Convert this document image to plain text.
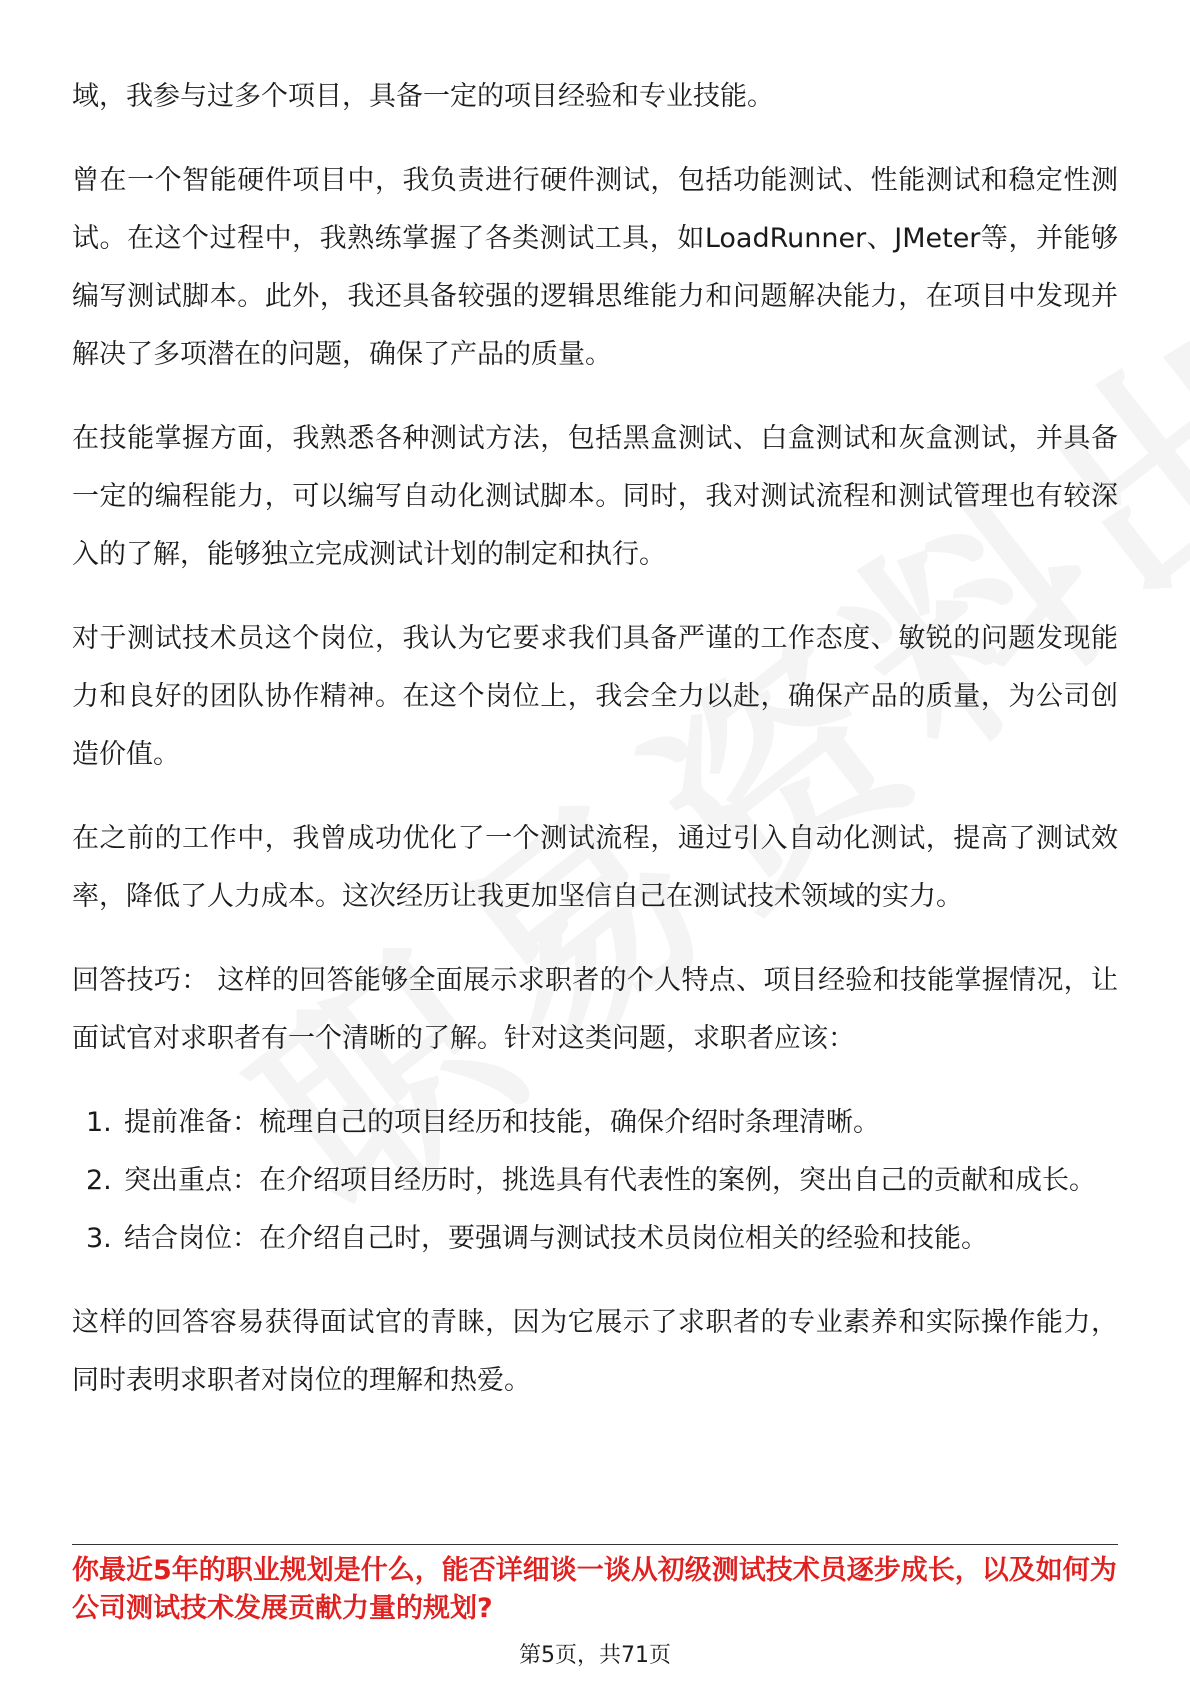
域，我参与过多个项目，具备一定的项目经验和专业技能。

曾在一个智能硬件项目中，我负责进行硬件测试，包括功能测试、性能测试和稳定性测试。在这个过程中，我熟练掌握了各类测试工具，如LoadRunner、JMeter等，并能够编写测试脚本。此外，我还具备较强的逻辑思维能力和问题解决能力，在项目中发现并解决了多项潜在的问题，确保了产品的质量。

在技能掌握方面，我熟悉各种测试方法，包括黑盒测试、白盒测试和灰盒测试，并具备一定的编程能力，可以编写自动化测试脚本。同时，我对测试流程和测试管理也有较深入的了解，能够独立完成测试计划的制定和执行。

对于测试技术员这个岗位，我认为它要求我们具备严谨的工作态度、敏锐的问题发现能力和良好的团队协作精神。在这个岗位上，我会全力以赴，确保产品的质量，为公司创造价值。

在之前的工作中，我曾成功优化了一个测试流程，通过引入自动化测试，提高了测试效率，降低了人力成本。这次经历让我更加坚信自己在测试技术领域的实力。

回答技巧： 这样的回答能够全面展示求职者的个人特点、项目经验和技能掌握情况，让面试官对求职者有一个清晰的了解。针对这类问题，求职者应该：

1. 提前准备：梳理自己的项目经历和技能，确保介绍时条理清晰。
2. 突出重点：在介绍项目经历时，挑选具有代表性的案例，突出自己的贡献和成长。
3. 结合岗位：在介绍自己时，要强调与测试技术员岗位相关的经验和技能。

这样的回答容易获得面试官的青睐，因为它展示了求职者的专业素养和实际操作能力，同时表明求职者对岗位的理解和热爱。

你最近5年的职业规划是什么，能否详细谈一谈从初级测试技术员逐步成长，以及如何为公司测试技术发展贡献力量的规划?
第5页，共71页
